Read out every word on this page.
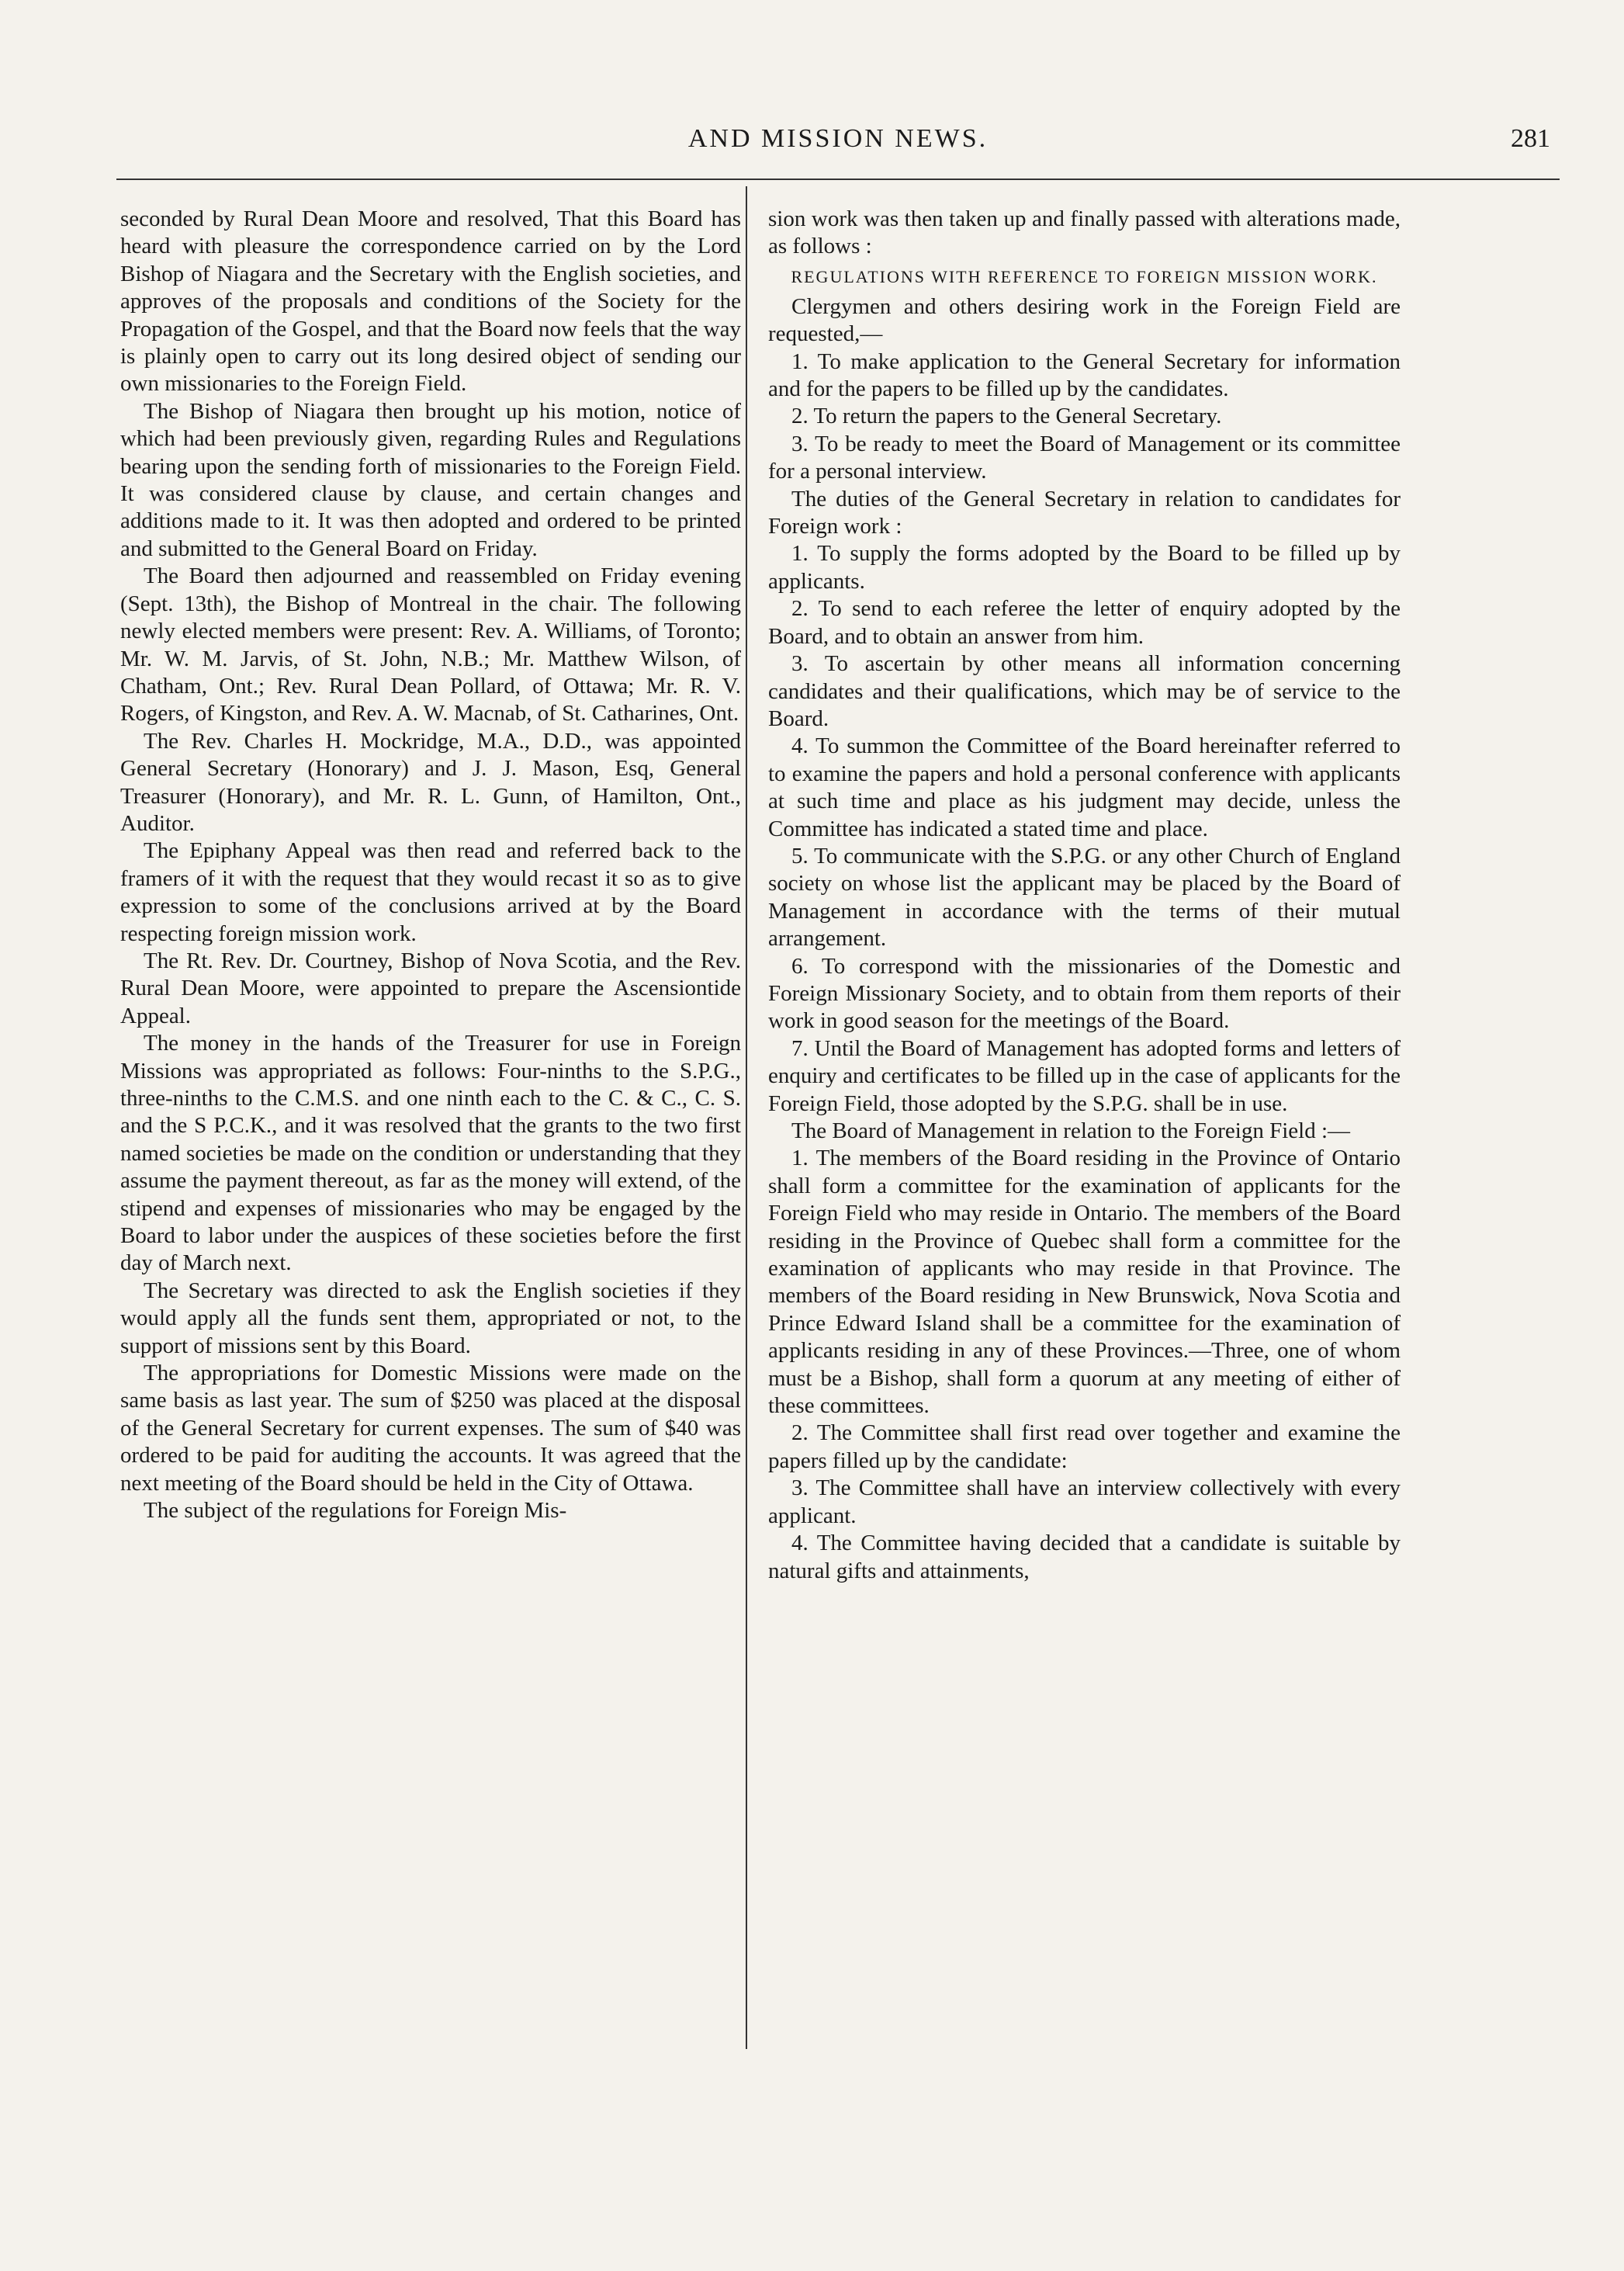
AND MISSION NEWS.	281

seconded by Rural Dean Moore and resolved, That this Board has heard with pleasure the correspondence carried on by the Lord Bishop of Niagara and the Secretary with the English societies, and approves of the proposals and conditions of the Society for the Propagation of the Gospel, and that the Board now feels that the way is plainly open to carry out its long desired object of sending our own missionaries to the Foreign Field.

The Bishop of Niagara then brought up his motion, notice of which had been previously given, regarding Rules and Regulations bearing upon the sending forth of missionaries to the Foreign Field. It was considered clause by clause, and certain changes and additions made to it. It was then adopted and ordered to be printed and submitted to the General Board on Friday.

The Board then adjourned and reassembled on Friday evening (Sept. 13th), the Bishop of Montreal in the chair. The following newly elected members were present: Rev. A. Williams, of Toronto; Mr. W. M. Jarvis, of St. John, N.B.; Mr. Matthew Wilson, of Chatham, Ont.; Rev. Rural Dean Pollard, of Ottawa; Mr. R. V. Rogers, of Kingston, and Rev. A. W. Macnab, of St. Catharines, Ont.

The Rev. Charles H. Mockridge, M.A., D.D., was appointed General Secretary (Honorary) and J. J. Mason, Esq, General Treasurer (Honorary), and Mr. R. L. Gunn, of Hamilton, Ont., Auditor.

The Epiphany Appeal was then read and referred back to the framers of it with the request that they would recast it so as to give expression to some of the conclusions arrived at by the Board respecting foreign mission work.

The Rt. Rev. Dr. Courtney, Bishop of Nova Scotia, and the Rev. Rural Dean Moore, were appointed to prepare the Ascensiontide Appeal.

The money in the hands of the Treasurer for use in Foreign Missions was appropriated as follows: Four-ninths to the S.P.G., three-ninths to the C.M.S. and one ninth each to the C. & C., C. S. and the S P.C.K., and it was resolved that the grants to the two first named societies be made on the condition or understanding that they assume the payment thereout, as far as the money will extend, of the stipend and expenses of missionaries who may be engaged by the Board to labor under the auspices of these societies before the first day of March next.

The Secretary was directed to ask the English societies if they would apply all the funds sent them, appropriated or not, to the support of missions sent by this Board.

The appropriations for Domestic Missions were made on the same basis as last year. The sum of $250 was placed at the disposal of the General Secretary for current expenses. The sum of $40 was ordered to be paid for auditing the accounts. It was agreed that the next meeting of the Board should be held in the City of Ottawa.

The subject of the regulations for Foreign Mis-

sion work was then taken up and finally passed with alterations made, as follows :

REGULATIONS WITH REFERENCE TO FOREIGN MISSION WORK.

Clergymen and others desiring work in the Foreign Field are requested,—

1. To make application to the General Secretary for information and for the papers to be filled up by the candidates.

2. To return the papers to the General Secretary.

3. To be ready to meet the Board of Management or its committee for a personal interview.

The duties of the General Secretary in relation to candidates for Foreign work :

1. To supply the forms adopted by the Board to be filled up by applicants.

2. To send to each referee the letter of enquiry adopted by the Board, and to obtain an answer from him.

3. To ascertain by other means all information concerning candidates and their qualifications, which may be of service to the Board.

4. To summon the Committee of the Board hereinafter referred to to examine the papers and hold a personal conference with applicants at such time and place as his judgment may decide, unless the Committee has indicated a stated time and place.

5. To communicate with the S.P.G. or any other Church of England society on whose list the applicant may be placed by the Board of Management in accordance with the terms of their mutual arrangement.

6. To correspond with the missionaries of the Domestic and Foreign Missionary Society, and to obtain from them reports of their work in good season for the meetings of the Board.

7. Until the Board of Management has adopted forms and letters of enquiry and certificates to be filled up in the case of applicants for the Foreign Field, those adopted by the S.P.G. shall be in use.

The Board of Management in relation to the Foreign Field :—

1. The members of the Board residing in the Province of Ontario shall form a committee for the examination of applicants for the Foreign Field who may reside in Ontario. The members of the Board residing in the Province of Quebec shall form a committee for the examination of applicants who may reside in that Province. The members of the Board residing in New Brunswick, Nova Scotia and Prince Edward Island shall be a committee for the examination of applicants residing in any of these Provinces.—Three, one of whom must be a Bishop, shall form a quorum at any meeting of either of these committees.

2. The Committee shall first read over together and examine the papers filled up by the candidate:

3. The Committee shall have an interview collectively with every applicant.

4. The Committee having decided that a candidate is suitable by natural gifts and attainments,
